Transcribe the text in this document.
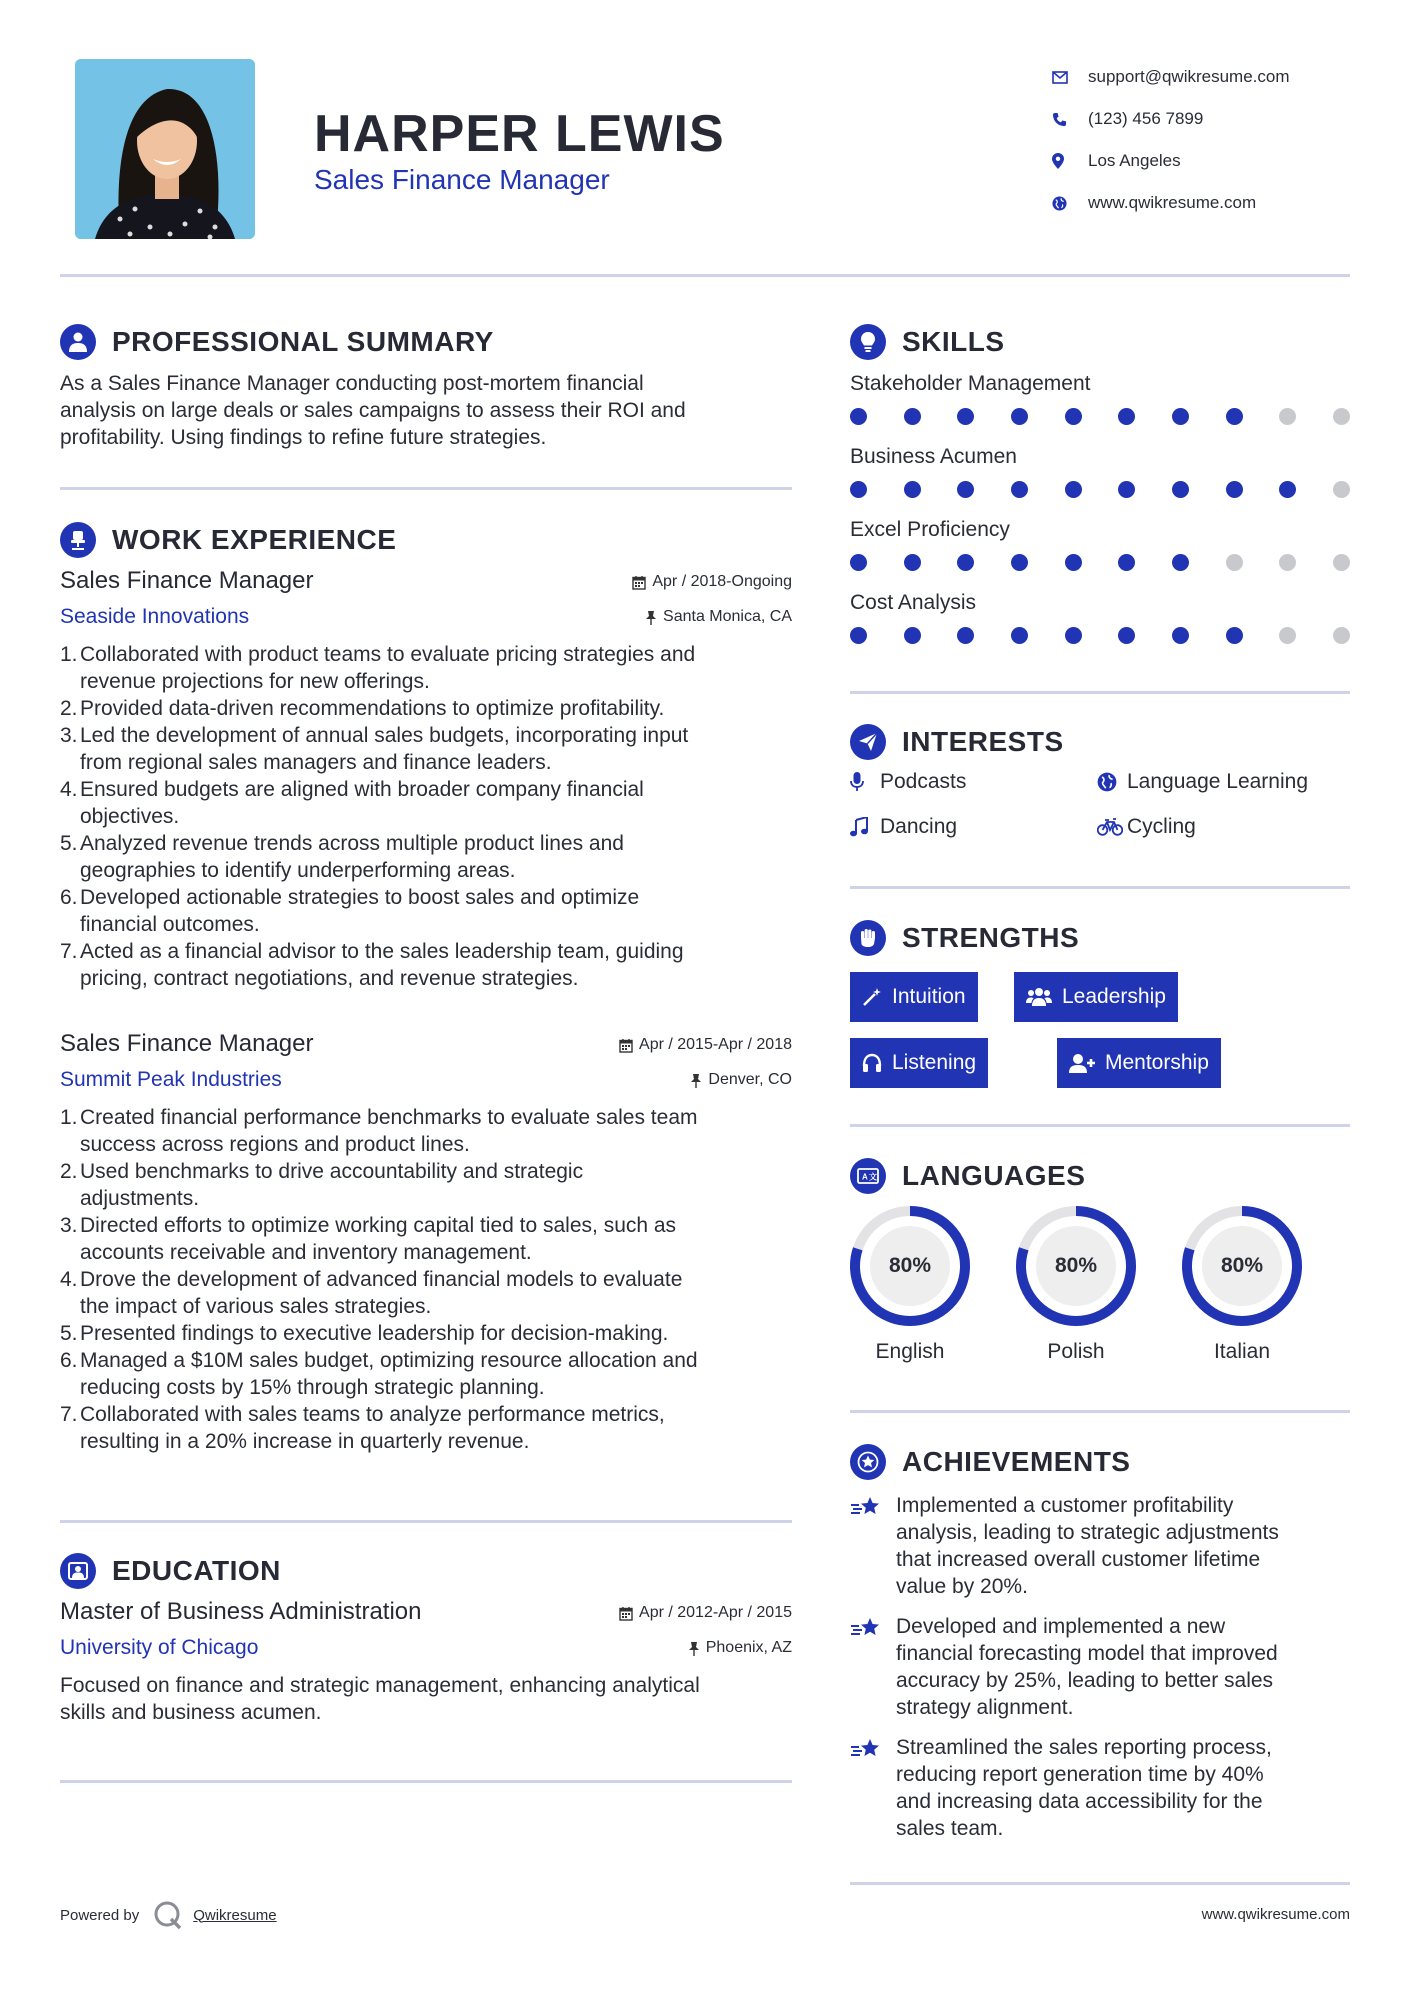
HARPER LEWIS
Sales Finance Manager
support@qwikresume.com
(123) 456 7899
Los Angeles
www.qwikresume.com
PROFESSIONAL SUMMARY
As a Sales Finance Manager conducting post-mortem financial
analysis on large deals or sales campaigns to assess their ROI and
profitability. Using findings to refine future strategies.
WORK EXPERIENCE
Sales Finance Manager	Apr / 2018-Ongoing
Seaside Innovations	Santa Monica, CA
1. Collaborated with product teams to evaluate pricing strategies and
revenue projections for new offerings.
2. Provided data-driven recommendations to optimize profitability.
3. Led the development of annual sales budgets, incorporating input
from regional sales managers and finance leaders.
4. Ensured budgets are aligned with broader company financial
objectives.
5. Analyzed revenue trends across multiple product lines and
geographies to identify underperforming areas.
6. Developed actionable strategies to boost sales and optimize
financial outcomes.
7. Acted as a financial advisor to the sales leadership team, guiding
pricing, contract negotiations, and revenue strategies.
Sales Finance Manager	Apr / 2015-Apr / 2018
Summit Peak Industries	Denver, CO
1. Created financial performance benchmarks to evaluate sales team
success across regions and product lines.
2. Used benchmarks to drive accountability and strategic
adjustments.
3. Directed efforts to optimize working capital tied to sales, such as
accounts receivable and inventory management.
4. Drove the development of advanced financial models to evaluate
the impact of various sales strategies.
5. Presented findings to executive leadership for decision-making.
6. Managed a $10M sales budget, optimizing resource allocation and
reducing costs by 15% through strategic planning.
7. Collaborated with sales teams to analyze performance metrics,
resulting in a 20% increase in quarterly revenue.
EDUCATION
Master of Business Administration	Apr / 2012-Apr / 2015
University of Chicago	Phoenix, AZ
Focused on finance and strategic management, enhancing analytical
skills and business acumen.
SKILLS
Stakeholder Management
Business Acumen
Excel Proficiency
Cost Analysis
INTERESTS
Podcasts	Language Learning
Dancing	Cycling
STRENGTHS
Intuition	Leadership
Listening	Mentorship
A 文 LANGUAGES
80%
English
80%
Polish
80%
Italian
ACHIEVEMENTS
Implemented a customer profitability
analysis, leading to strategic adjustments
that increased overall customer lifetime
value by 20%.
Developed and implemented a new
financial forecasting model that improved
accuracy by 25%, leading to better sales
strategy alignment.
Streamlined the sales reporting process,
reducing report generation time by 40%
and increasing data accessibility for the
sales team.
Powered by	Qwikresume	www.qwikresume.com
